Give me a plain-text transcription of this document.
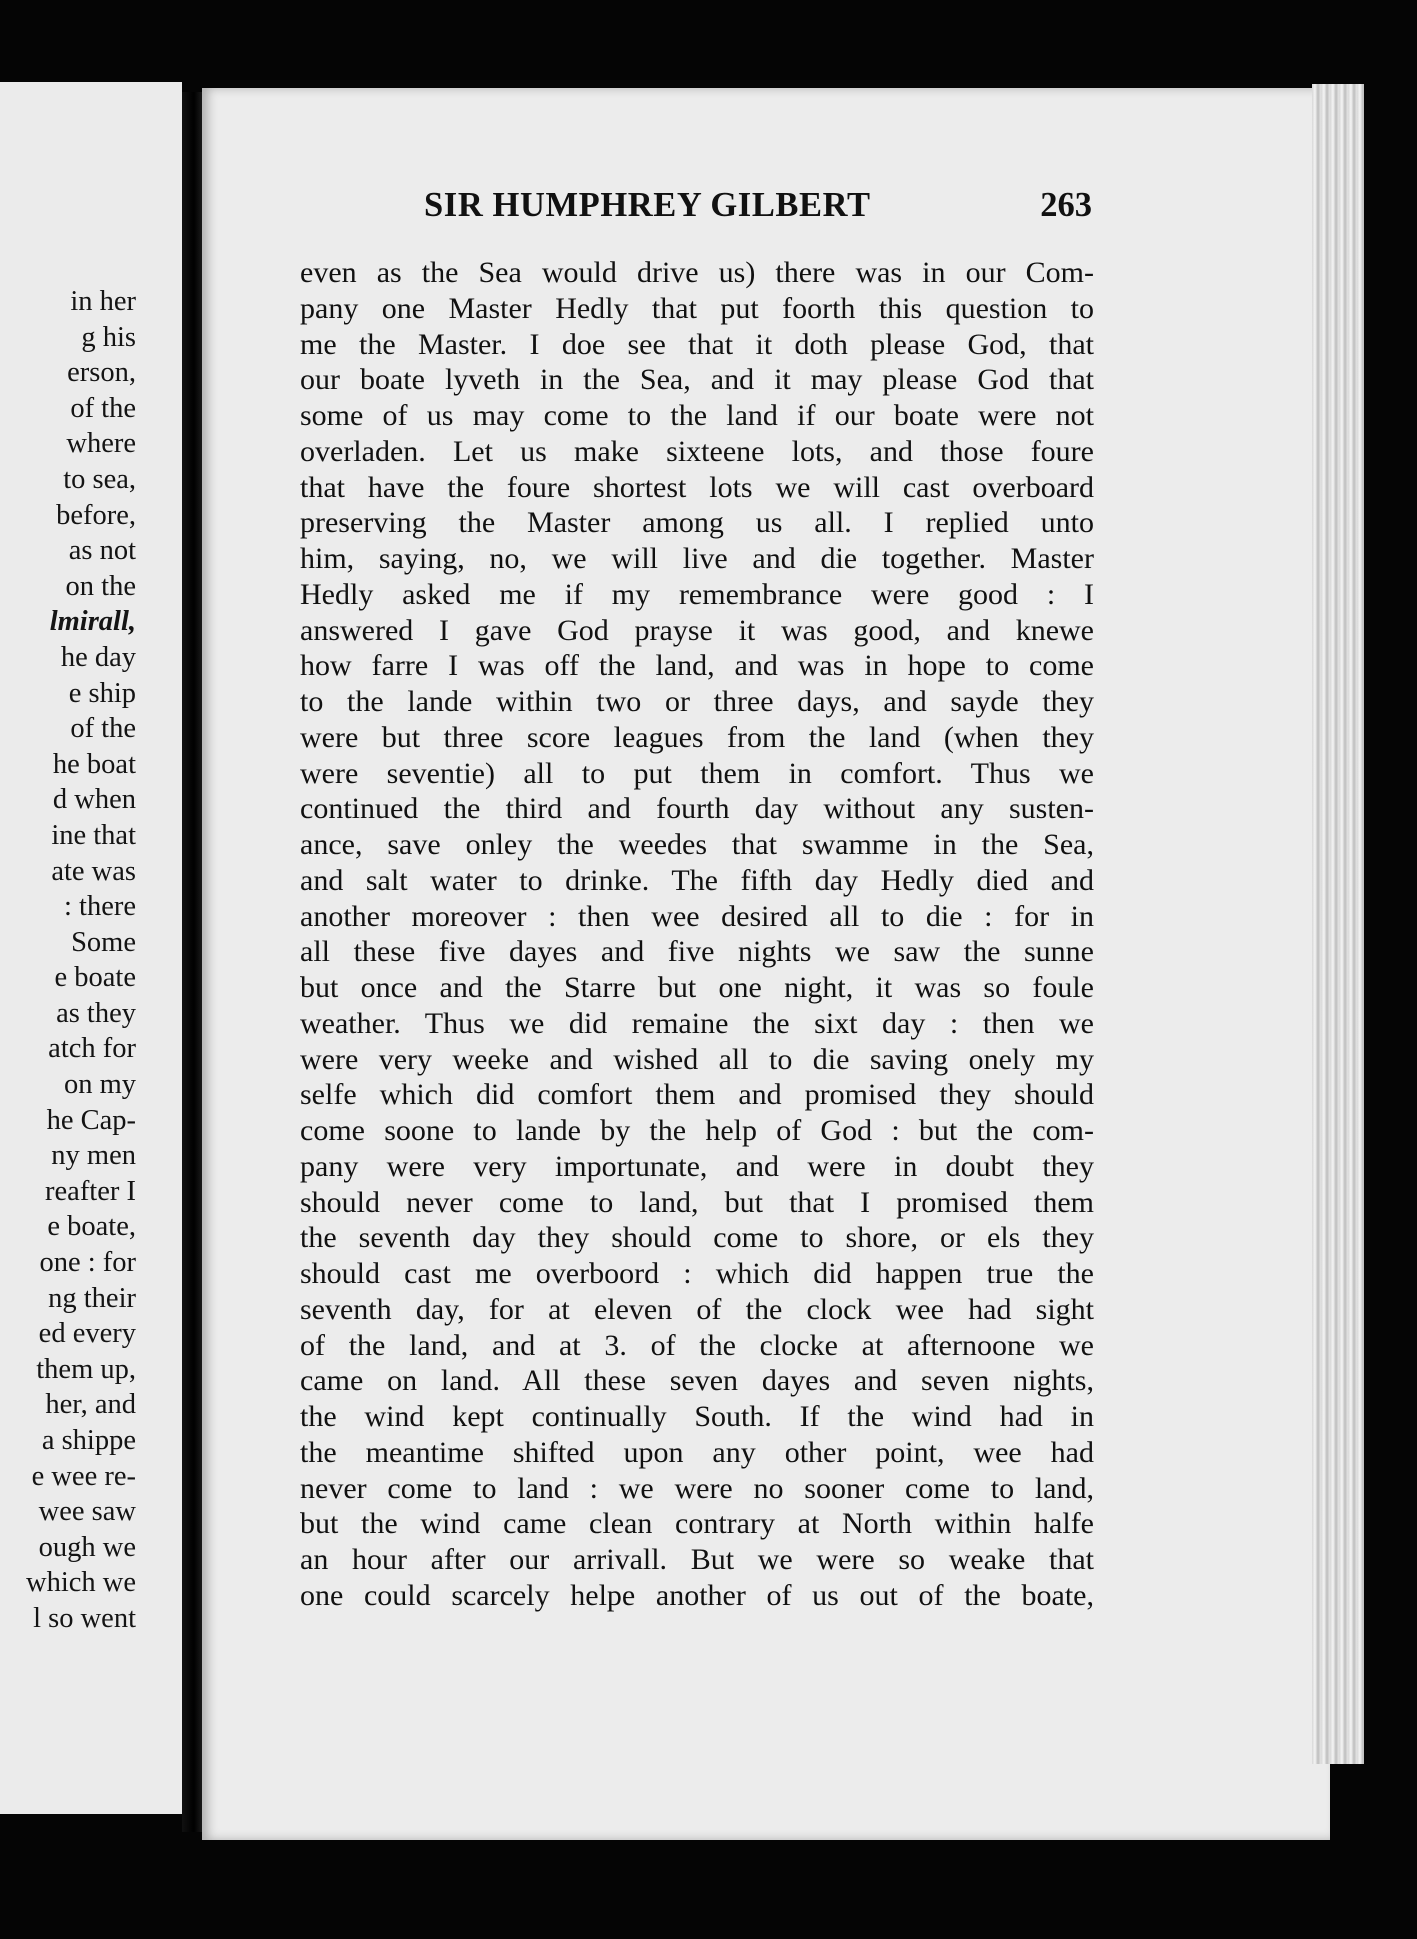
in her
g his
erson,
of the
where
to sea,
before,
as not
on the
lmirall,
he day
e ship
of the
he boat
d when
ine that
ate was
: there
Some
e boate
as they
atch for
on my
he Cap-
ny men
reafter I
e boate,
one : for
ng their
ed every
them up,
her, and
a shippe
e wee re-
wee saw
ough we
which we
l so went
SIR HUMPHREY GILBERT	263
even as the Sea would drive us) there was in our Com-
pany one Master Hedly that put foorth this question to
me the Master. I doe see that it doth please God, that
our boate lyveth in the Sea, and it may please God that
some of us may come to the land if our boate were not
overladen. Let us make sixteene lots, and those foure
that have the foure shortest lots we will cast overboard
preserving the Master among us all. I replied unto
him, saying, no, we will live and die together. Master
Hedly asked me if my remembrance were good : I
answered I gave God prayse it was good, and knewe
how farre I was off the land, and was in hope to come
to the lande within two or three days, and sayde they
were but three score leagues from the land (when they
were seventie) all to put them in comfort. Thus we
continued the third and fourth day without any susten-
ance, save onley the weedes that swamme in the Sea,
and salt water to drinke. The fifth day Hedly died and
another moreover : then wee desired all to die : for in
all these five dayes and five nights we saw the sunne
but once and the Starre but one night, it was so foule
weather. Thus we did remaine the sixt day : then we
were very weeke and wished all to die saving onely my
selfe which did comfort them and promised they should
come soone to lande by the help of God : but the com-
pany were very importunate, and were in doubt they
should never come to land, but that I promised them
the seventh day they should come to shore, or els they
should cast me overboord : which did happen true the
seventh day, for at eleven of the clock wee had sight
of the land, and at 3. of the clocke at afternoone we
came on land. All these seven dayes and seven nights,
the wind kept continually South. If the wind had in
the meantime shifted upon any other point, wee had
never come to land : we were no sooner come to land,
but the wind came clean contrary at North within halfe
an hour after our arrivall. But we were so weake that
one could scarcely helpe another of us out of the boate,
